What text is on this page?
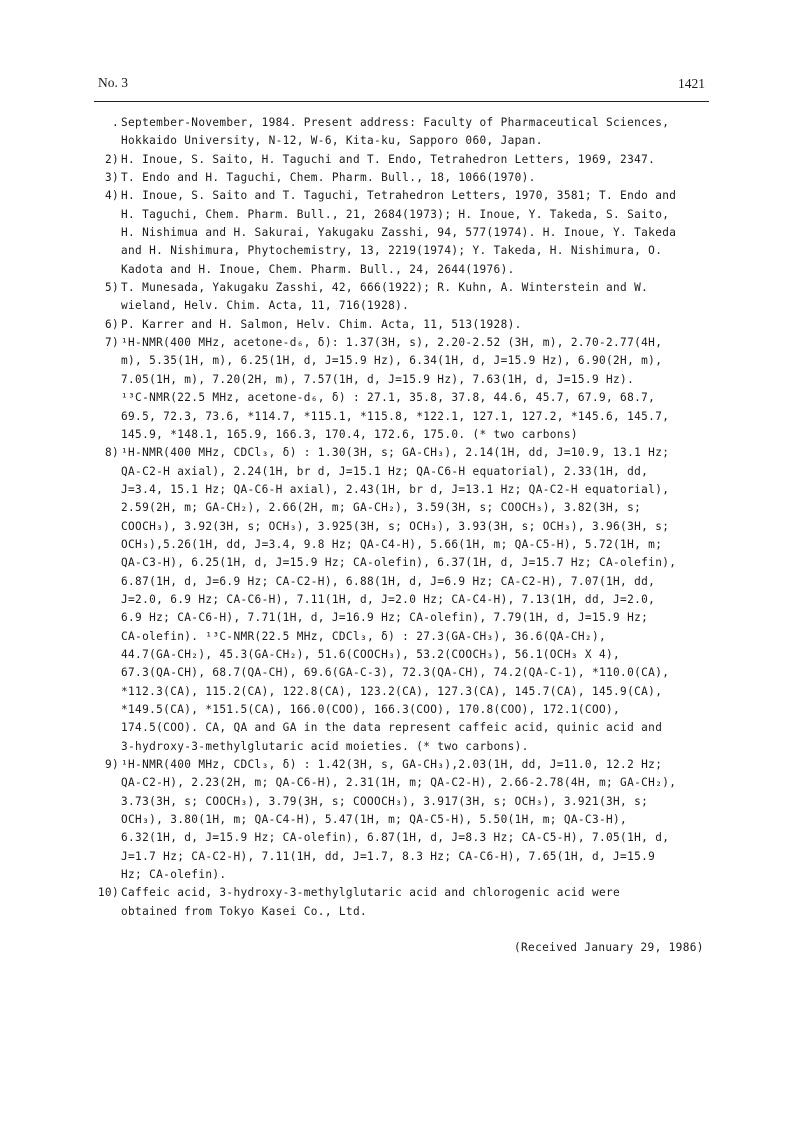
No. 3	1421
. September-November, 1984. Present address: Faculty of Pharmaceutical Sciences,
Hokkaido University, N-12, W-6, Kita-ku, Sapporo 060, Japan.
2) H. Inoue, S. Saito, H. Taguchi and T. Endo, Tetrahedron Letters, 1969, 2347.
3) T. Endo and H. Taguchi, Chem. Pharm. Bull., 18, 1066(1970).
4) H. Inoue, S. Saito and T. Taguchi, Tetrahedron Letters, 1970, 3581; T. Endo and
H. Taguchi, Chem. Pharm. Bull., 21, 2684(1973); H. Inoue, Y. Takeda, S. Saito,
H. Nishimua and H. Sakurai, Yakugaku Zasshi, 94, 577(1974). H. Inoue, Y. Takeda
and H. Nishimura, Phytochemistry, 13, 2219(1974); Y. Takeda, H. Nishimura, O.
Kadota and H. Inoue, Chem. Pharm. Bull., 24, 2644(1976).
5) T. Munesada, Yakugaku Zasshi, 42, 666(1922); R. Kuhn, A. Winterstein and W.
wieland, Helv. Chim. Acta, 11, 716(1928).
6) P. Karrer and H. Salmon, Helv. Chim. Acta, 11, 513(1928).
7) ¹H-NMR(400 MHz, acetone-d₆, δ): 1.37(3H, s), 2.20-2.52 (3H, m), 2.70-2.77(4H,
m), 5.35(1H, m), 6.25(1H, d, J=15.9 Hz), 6.34(1H, d, J=15.9 Hz), 6.90(2H, m),
7.05(1H, m), 7.20(2H, m), 7.57(1H, d, J=15.9 Hz), 7.63(1H, d, J=15.9 Hz).
¹³C-NMR(22.5 MHz, acetone-d₆, δ) : 27.1, 35.8, 37.8, 44.6, 45.7, 67.9, 68.7,
69.5, 72.3, 73.6, *114.7, *115.1, *115.8, *122.1, 127.1, 127.2, *145.6, 145.7,
145.9, *148.1, 165.9, 166.3, 170.4, 172.6, 175.0. (* two carbons)
8) ¹H-NMR(400 MHz, CDCl₃, δ) : 1.30(3H, s; GA-CH₃), 2.14(1H, dd, J=10.9, 13.1 Hz;
QA-C2-H axial), 2.24(1H, br d, J=15.1 Hz; QA-C6-H equatorial), 2.33(1H, dd,
J=3.4, 15.1 Hz; QA-C6-H axial), 2.43(1H, br d, J=13.1 Hz; QA-C2-H equatorial),
2.59(2H, m; GA-CH₂), 2.66(2H, m; GA-CH₂), 3.59(3H, s; COOCH₃), 3.82(3H, s;
COOCH₃), 3.92(3H, s; OCH₃), 3.925(3H, s; OCH₃), 3.93(3H, s; OCH₃), 3.96(3H, s;
OCH₃),5.26(1H, dd, J=3.4, 9.8 Hz; QA-C4-H), 5.66(1H, m; QA-C5-H), 5.72(1H, m;
QA-C3-H), 6.25(1H, d, J=15.9 Hz; CA-olefin), 6.37(1H, d, J=15.7 Hz; CA-olefin),
6.87(1H, d, J=6.9 Hz; CA-C2-H), 6.88(1H, d, J=6.9 Hz; CA-C2-H), 7.07(1H, dd,
J=2.0, 6.9 Hz; CA-C6-H), 7.11(1H, d, J=2.0 Hz; CA-C4-H), 7.13(1H, dd, J=2.0,
6.9 Hz; CA-C6-H), 7.71(1H, d, J=16.9 Hz; CA-olefin), 7.79(1H, d, J=15.9 Hz;
CA-olefin). ¹³C-NMR(22.5 MHz, CDCl₃, δ) : 27.3(GA-CH₃), 36.6(QA-CH₂),
44.7(GA-CH₂), 45.3(GA-CH₂), 51.6(COOCH₃), 53.2(COOCH₃), 56.1(OCH₃ X 4),
67.3(QA-CH), 68.7(QA-CH), 69.6(GA-C-3), 72.3(QA-CH), 74.2(QA-C-1), *110.0(CA),
*112.3(CA), 115.2(CA), 122.8(CA), 123.2(CA), 127.3(CA), 145.7(CA), 145.9(CA),
*149.5(CA), *151.5(CA), 166.0(COO), 166.3(COO), 170.8(COO), 172.1(COO),
174.5(COO). CA, QA and GA in the data represent caffeic acid, quinic acid and
3-hydroxy-3-methylglutaric acid moieties. (* two carbons).
9) ¹H-NMR(400 MHz, CDCl₃, δ) : 1.42(3H, s, GA-CH₃),2.03(1H, dd, J=11.0, 12.2 Hz;
QA-C2-H), 2.23(2H, m; QA-C6-H), 2.31(1H, m; QA-C2-H), 2.66-2.78(4H, m; GA-CH₂),
3.73(3H, s; COOCH₃), 3.79(3H, s; COOOCH₃), 3.917(3H, s; OCH₃), 3.921(3H, s;
OCH₃), 3.80(1H, m; QA-C4-H), 5.47(1H, m; QA-C5-H), 5.50(1H, m; QA-C3-H),
6.32(1H, d, J=15.9 Hz; CA-olefin), 6.87(1H, d, J=8.3 Hz; CA-C5-H), 7.05(1H, d,
J=1.7 Hz; CA-C2-H), 7.11(1H, dd, J=1.7, 8.3 Hz; CA-C6-H), 7.65(1H, d, J=15.9
Hz; CA-olefin).
10) Caffeic acid, 3-hydroxy-3-methylglutaric acid and chlorogenic acid were
obtained from Tokyo Kasei Co., Ltd.
(Received January 29, 1986)
